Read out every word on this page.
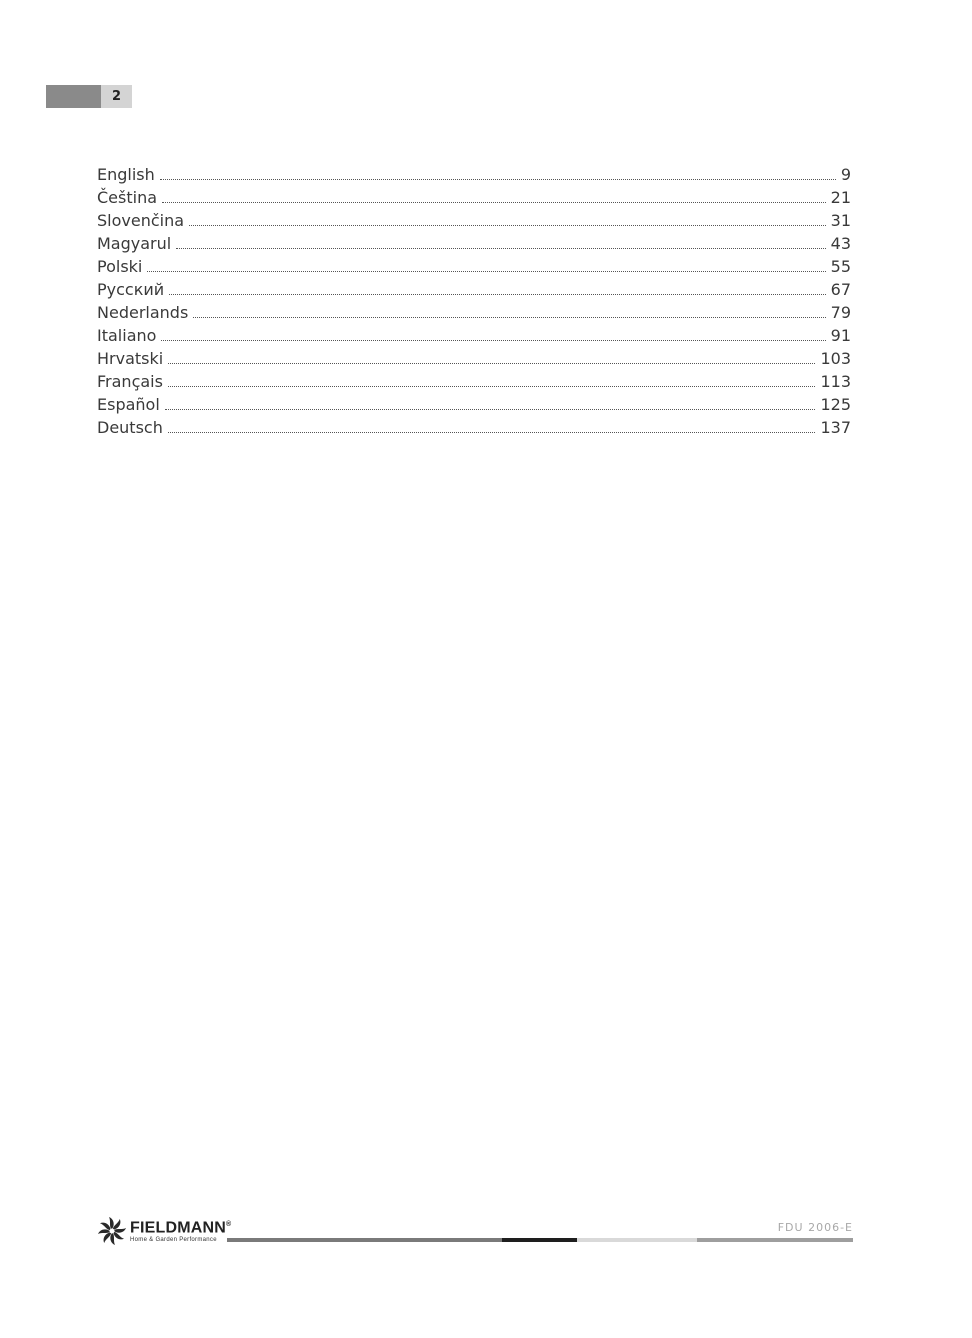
2
English	9
Čeština	21
Slovenčina	31
Magyarul	43
Polski	55
Русский	67
Nederlands	79
Italiano	91
Hrvatski	103
Français	113
Español	125
Deutsch	137
FIELDMANN®
Home & Garden Performance
FDU 2006-E
